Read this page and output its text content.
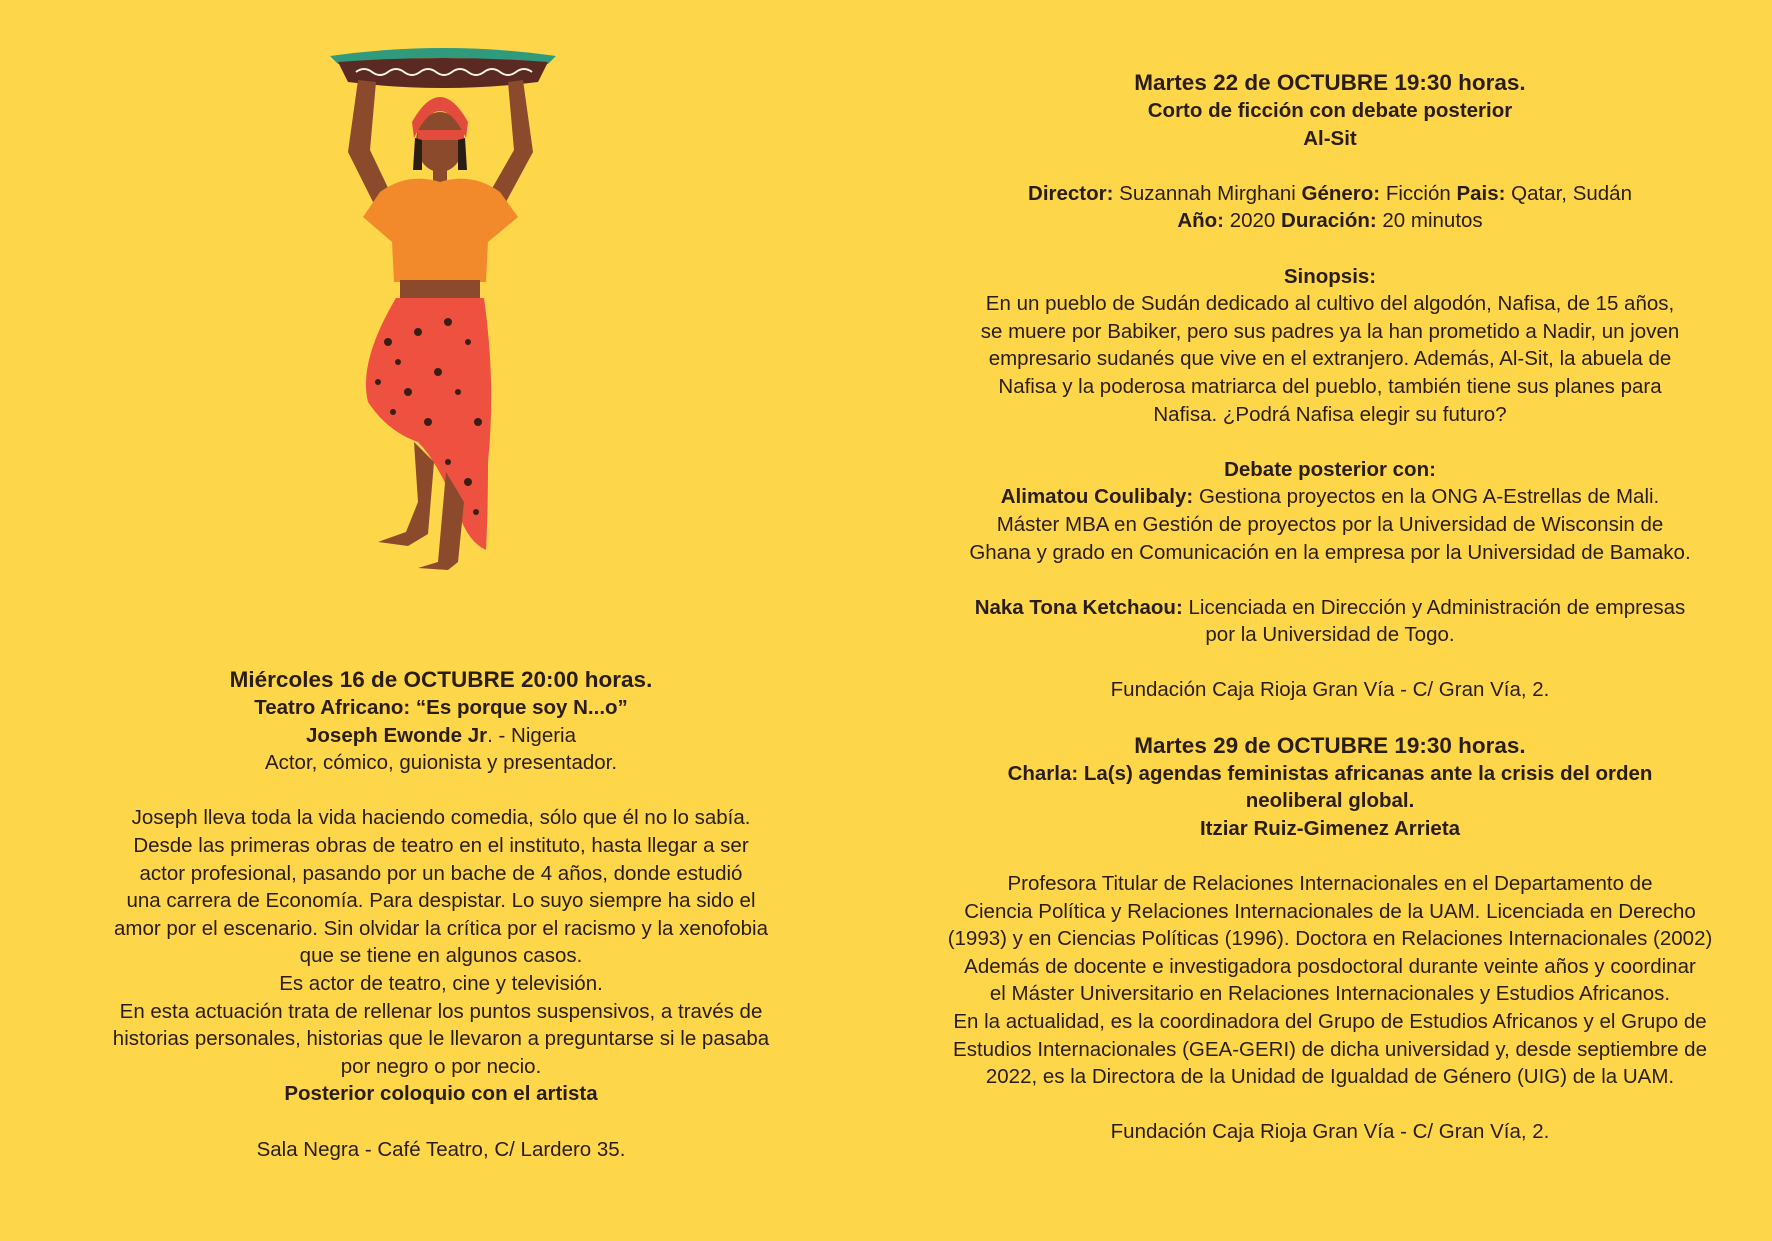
Miércoles 16 de OCTUBRE 20:00 horas.

Teatro Africano: “Es porque soy N...o”

Joseph Ewonde Jr. - Nigeria

Actor, cómico, guionista y presentador.

Joseph lleva toda la vida haciendo comedia, sólo que él no lo sabía.

Desde las primeras obras de teatro en el instituto, hasta llegar a ser

actor profesional, pasando por un bache de 4 años, donde estudió

una carrera de Economía. Para despistar. Lo suyo siempre ha sido el

amor por el escenario. Sin olvidar la crítica por el racismo y la xenofobia

que se tiene en algunos casos.

Es actor de teatro, cine y televisión.

En esta actuación trata de rellenar los puntos suspensivos, a través de

historias personales, historias que le llevaron a preguntarse si le pasaba

por negro o por necio.

Posterior coloquio con el artista

Sala Negra - Café Teatro, C/ Lardero 35.

Martes 22 de OCTUBRE 19:30 horas.

Corto de ficción con debate posterior

Al-Sit

Director: Suzannah Mirghani Género: Ficción Pais: Qatar, Sudán

Año: 2020 Duración: 20 minutos

Sinopsis:

En un pueblo de Sudán dedicado al cultivo del algodón, Nafisa, de 15 años,

se muere por Babiker, pero sus padres ya la han prometido a Nadir, un joven

empresario sudanés que vive en el extranjero. Además, Al-Sit, la abuela de

Nafisa y la poderosa matriarca del pueblo, también tiene sus planes para

Nafisa. ¿Podrá Nafisa elegir su futuro?

Debate posterior con:

Alimatou Coulibaly: Gestiona proyectos en la ONG A-Estrellas de Mali.

Máster MBA en Gestión de proyectos por la Universidad de Wisconsin de

Ghana y grado en Comunicación en la empresa por la Universidad de Bamako.

Naka Tona Ketchaou: Licenciada en Dirección y Administración de empresas

por la Universidad de Togo.

Fundación Caja Rioja Gran Vía - C/ Gran Vía, 2.

Martes 29 de OCTUBRE 19:30 horas.

Charla: La(s) agendas feministas africanas ante la crisis del orden

neoliberal global.

Itziar Ruiz-Gimenez Arrieta

Profesora Titular de Relaciones Internacionales en el Departamento de

Ciencia Política y Relaciones Internacionales de la UAM. Licenciada en Derecho

(1993) y en Ciencias Políticas (1996). Doctora en Relaciones Internacionales (2002)

Además de docente e investigadora posdoctoral durante veinte años y coordinar

el Máster Universitario en Relaciones Internacionales y Estudios Africanos.

En la actualidad, es la coordinadora del Grupo de Estudios Africanos y el Grupo de

Estudios Internacionales (GEA-GERI) de dicha universidad y, desde septiembre de

2022, es la Directora de la Unidad de Igualdad de Género (UIG) de la UAM.

Fundación Caja Rioja Gran Vía - C/ Gran Vía, 2.
